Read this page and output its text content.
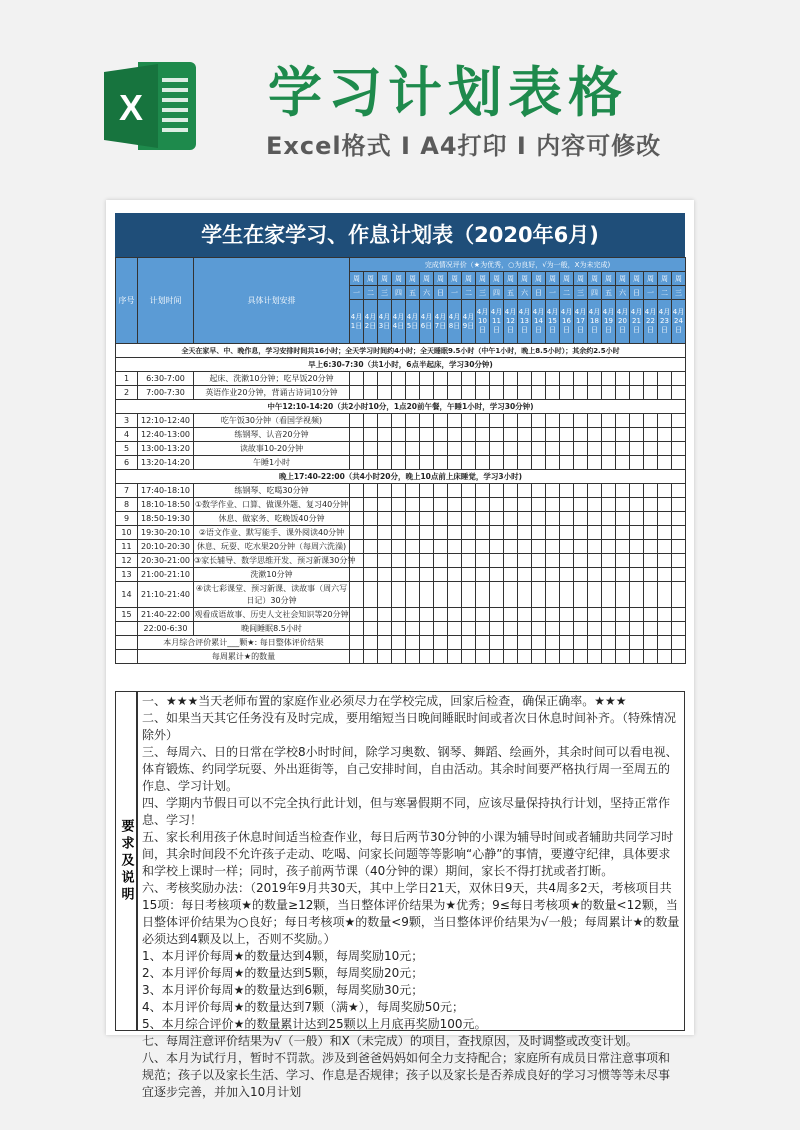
X 学习计划表格
Excel格式 I A4打印 I 内容可修改
学生在家学习、作息计划表（2020年6月)
序号	计划时间	具体计划安排	完成情况评价（★为优秀，○为良好，√为一般，X为未完成)																							
			周	周	周	周	周	周	周	周	周	周	周	周	周	周	周	周	周	周	周	周	周	周	周	周
			一	二	三	四	五	六	日	一	二	三	四	五	六	日	一	二	三	四	五	六	日	一	二	三
			4月1日	4月2日	4月3日	4月4日	4月5日	4月6日	4月7日	4月8日	4月9日	4月10日	4月11日	4月12日	4月13日	4月14日	4月15日	4月16日	4月17日	4月18日	4月19日	4月20日	4月21日	4月22日	4月23日	4月24日
全天在家早、中、晚作息，学习安排时间共16小时；全天学习时间约4小时；全天睡眠9.5小时（中午1小时，晚上8.5小时）；其余约2.5小时																										
早上6:30-7:30（共1小时，6点半起床，学习30分钟)																										
1	6:30-7:00	起床、洗漱10分钟；吃早饭20分钟																								
2	7:00-7:30	英语作业20分钟，背诵古诗词10分钟																								
中午12:10-14:20（共2小时10分，1点20前午餐，午睡1小时，学习30分钟)																										
3	12:10-12:40	吃午饭30分钟（看国学视频)																								
4	12:40-13:00	练钢琴、认音20分钟																								
5	13:00-13:20	读故事10-20分钟																								
6	13:20-14:20	午睡1小时																								
晚上17:40-22:00（共4小时20分，晚上10点前上床睡觉，学习3小时)																										
7	17:40-18:10	练钢琴、吃喝30分钟																								
8	18:10-18:50	①数学作业、口算、做课外题、复习40分钟																								
9	18:50-19:30	休息、做家务、吃晚饭40分钟																								
10	19:30-20:10	②语文作业、默写能手、课外阅读40分钟																								
11	20:10-20:30	休息、玩耍、吃水果20分钟（每周六洗澡)																								
12	20:30-21:00	③家长辅导、数学思维开发、预习新课30分钟																								
13	21:00-21:10	洗漱10分钟																								
14	21:10-21:40	④读七彩课堂、预习新课、读故事（周六写日记）30分钟																								
15	21:40-22:00	观看成语故事、历史人文社会知识等20分钟																								
	22:00-6:30	晚间睡眠8.5小时																								
	本月综合评价累计___颗★: 每日整体评价结果																									
	每周累计★的数量																									
要求及说明

一、★★★当天老师布置的家庭作业必须尽力在学校完成，回家后检查，确保正确率。★★★

二、如果当天其它任务没有及时完成，要用缩短当日晚间睡眠时间或者次日休息时间补齐。（特殊情况除外）

三、每周六、日的日常在学校8小时时间，除学习奥数、钢琴、舞蹈、绘画外，其余时间可以看电视、体育锻炼、约同学玩耍、外出逛街等，自己安排时间，自由活动。其余时间要严格执行周一至周五的作息、学习计划。

四、学期内节假日可以不完全执行此计划，但与寒暑假期不同，应该尽量保持执行计划，坚持正常作息、学习！

五、家长利用孩子休息时间适当检查作业，每日后两节30分钟的小课为辅导时间或者辅助共同学习时间，其余时间段不允许孩子走动、吃喝、问家长问题等等影响“心静”的事情，要遵守纪律，具体要求和学校上课时一样；同时，孩子前两节课（40分钟的课）期间，家长不得打扰或者打断。

六、考核奖励办法：（2019年9月共30天，其中上学日21天，双休日9天，共4周多2天，考核项目共15项：每日考核项★的数量≥12颗，当日整体评价结果为★优秀；9≤每日考核项★的数量<12颗，当日整体评价结果为○良好；每日考核项★的数量<9颗，当日整体评价结果为√一般；每周累计★的数量必须达到4颗及以上，否则不奖励。）

1、本月评价每周★的数量达到4颗，每周奖励10元；

2、本月评价每周★的数量达到5颗，每周奖励20元；

3、本月评价每周★的数量达到6颗，每周奖励30元；

4、本月评价每周★的数量达到7颗（满★），每周奖励50元；

5、本月综合评价★的数量累计达到25颗以上月底再奖励100元。

七、每周注意评价结果为√（一般）和X（未完成）的项目，查找原因，及时调整或改变计划。

八、本月为试行月，暂时不罚款。涉及到爸爸妈妈如何全力支持配合；家庭所有成员日常注意事项和规范；孩子以及家长生活、学习、作息是否规律；孩子以及家长是否养成良好的学习习惯等等未尽事宜逐步完善，并加入10月计划
